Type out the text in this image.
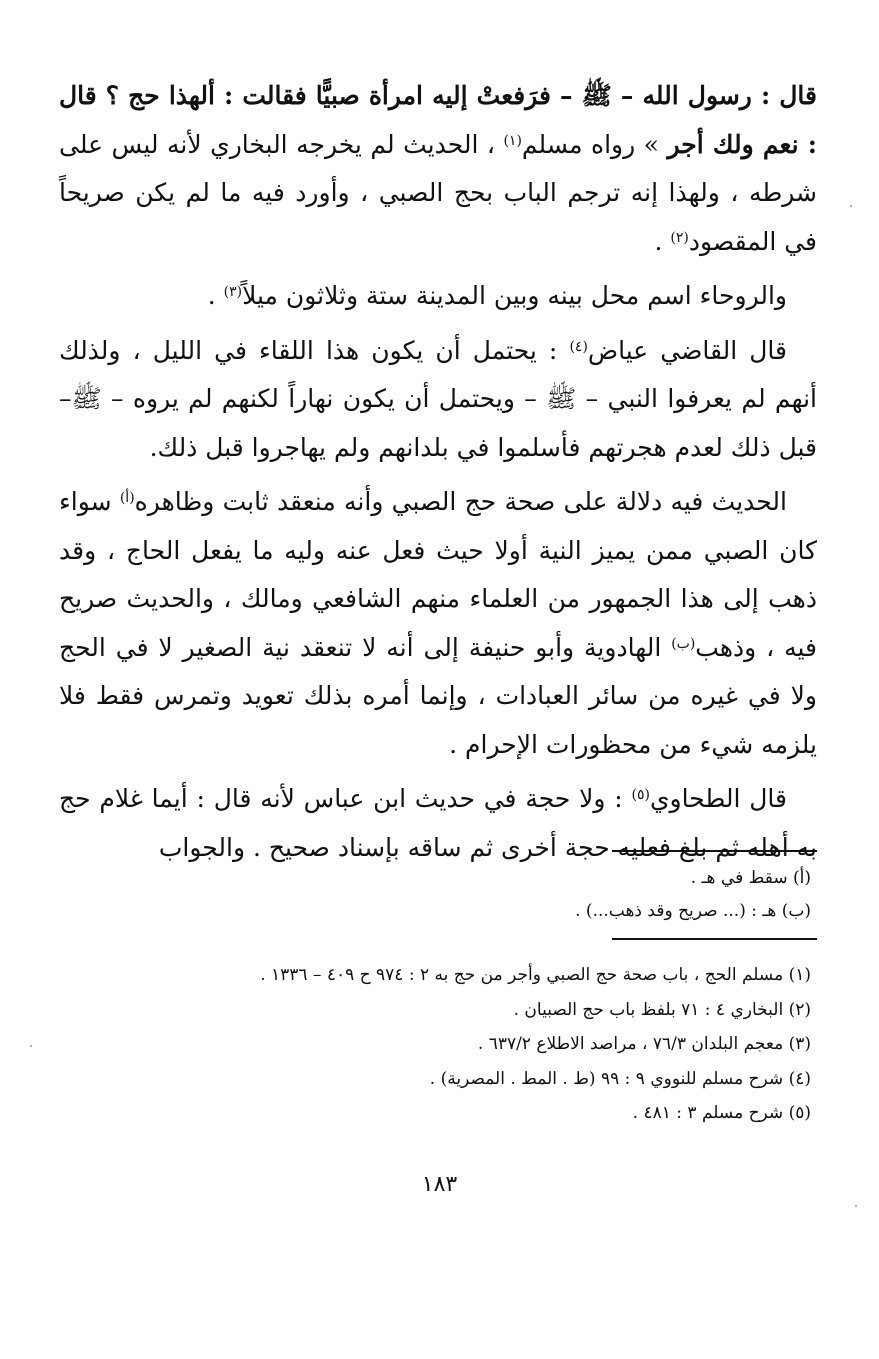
قال : رسول الله – ﷺ – فرَفعتْ إليه امرأة صبيًّا فقالت : ألهذا حج ؟ قال : نعم ولك أجر » رواه مسلم$^{(١)}$ ، الحديث لم يخرجه البخاري لأنه ليس على شرطه ، ولهذا إنه ترجم الباب بحج الصبي ، وأورد فيه ما لم يكن صريحاً في المقصود$^{(٢)}$ .

والروحاء اسم محل بينه وبين المدينة ستة وثلاثون ميلاً$^{(٣)}$ .

قال القاضي عياض$^{(٤)}$ : يحتمل أن يكون هذا اللقاء في الليل ، ولذلك أنهم لم يعرفوا النبي – ﷺ – ويحتمل أن يكون نهاراً لكنهم لم يروه – ﷺ– قبل ذلك لعدم هجرتهم فأسلموا في بلدانهم ولم يهاجروا قبل ذلك.

الحديث فيه دلالة على صحة حج الصبي وأنه منعقد ثابت وظاهره$^{(أ)}$ سواء كان الصبي ممن يميز النية أولا حيث فعل عنه وليه ما يفعل الحاج ، وقد ذهب إلى هذا الجمهور من العلماء منهم الشافعي ومالك ، والحديث صريح فيه ، وذهب$^{(ب)}$ الهادوية وأبو حنيفة إلى أنه لا تنعقد نية الصغير لا في الحج ولا في غيره من سائر العبادات ، وإنما أمره بذلك تعويد وتمرس فقط فلا يلزمه شيء من محظورات الإحرام .

قال الطحاوي$^{(٥)}$ : ولا حجة في حديث ابن عباس لأنه قال : أيما غلام حج به أهله ثم بلغ فعليه حجة أخرى ثم ساقه بإسناد صحيح . والجواب

(أ) سقط في هـ .
(ب) هـ : (... صريح وقد ذهب...) .
(١) مسلم الحج ، باب صحة حج الصبي وأجر من حج به ٢ : ٩٧٤ ح ٤٠٩ – ١٣٣٦ .
(٢) البخاري ٤ : ٧١ بلفظ باب حج الصبيان .
(٣) معجم البلدان ٧٦/٣ ، مراصد الاطلاع ٦٣٧/٢ .
(٤) شرح مسلم للنووي ٩ : ٩٩ (ط . المط . المصرية) .
(٥) شرح مسلم ٣ : ٤٨١ .
١٨٣
